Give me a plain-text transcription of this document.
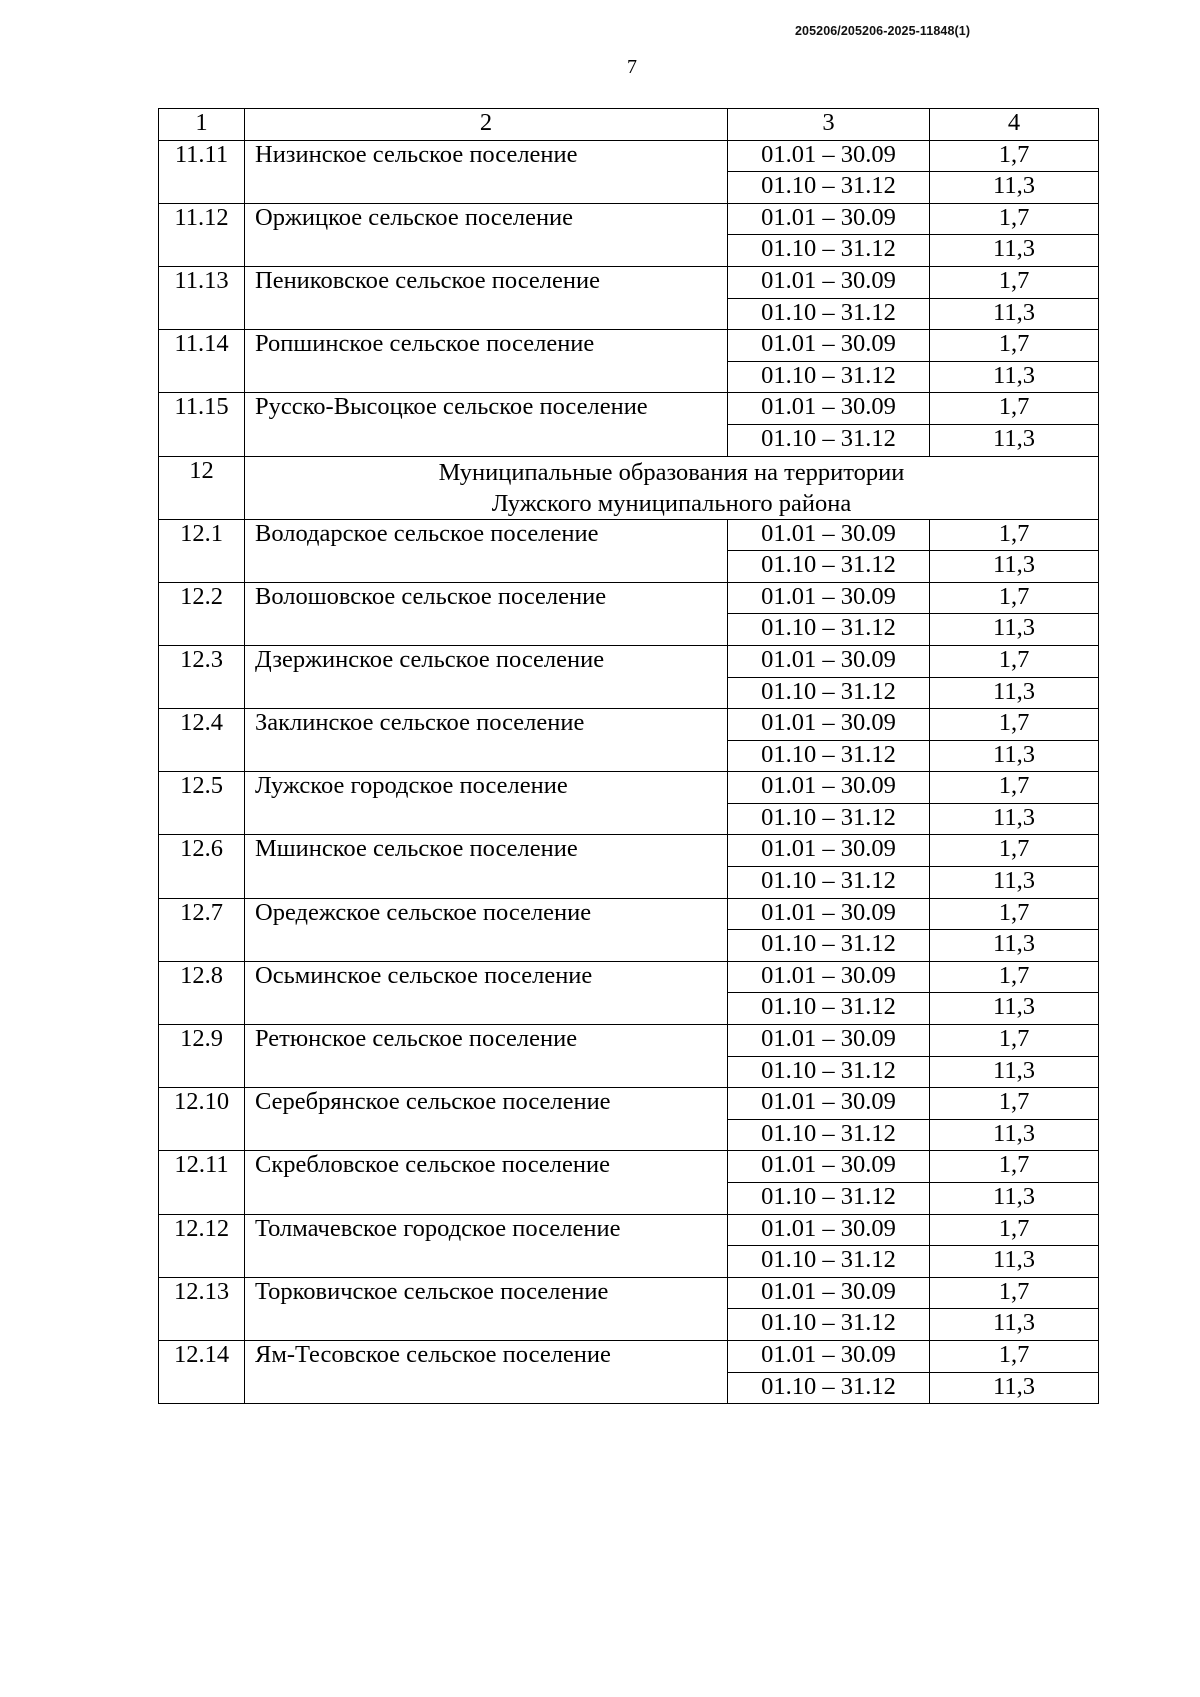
205206/205206-2025-11848(1)
7
1	2	3	4
11.11	Низинское сельское поселение	01.01 – 30.09	1,7
		01.10 – 31.12	11,3
11.12	Оржицкое сельское поселение	01.01 – 30.09	1,7
		01.10 – 31.12	11,3
11.13	Пениковское сельское поселение	01.01 – 30.09	1,7
		01.10 – 31.12	11,3
11.14	Ропшинское сельское поселение	01.01 – 30.09	1,7
		01.10 – 31.12	11,3
11.15	Русско-Высоцкое сельское поселение	01.01 – 30.09	1,7
		01.10 – 31.12	11,3
12	Муниципальные образования на территории
Лужского муниципального района		

12.1	Володарское сельское поселение	01.01 – 30.09	1,7
		01.10 – 31.12	11,3
12.2	Волошовское сельское поселение	01.01 – 30.09	1,7
		01.10 – 31.12	11,3
12.3	Дзержинское сельское поселение	01.01 – 30.09	1,7
		01.10 – 31.12	11,3
12.4	Заклинское сельское поселение	01.01 – 30.09	1,7
		01.10 – 31.12	11,3
12.5	Лужское городское поселение	01.01 – 30.09	1,7
		01.10 – 31.12	11,3
12.6	Мшинское сельское поселение	01.01 – 30.09	1,7
		01.10 – 31.12	11,3
12.7	Оредежское сельское поселение	01.01 – 30.09	1,7
		01.10 – 31.12	11,3
12.8	Осьминское сельское поселение	01.01 – 30.09	1,7
		01.10 – 31.12	11,3
12.9	Ретюнское сельское поселение	01.01 – 30.09	1,7
		01.10 – 31.12	11,3
12.10	Серебрянское сельское поселение	01.01 – 30.09	1,7
		01.10 – 31.12	11,3
12.11	Скребловское сельское поселение	01.01 – 30.09	1,7
		01.10 – 31.12	11,3
12.12	Толмачевское городское поселение	01.01 – 30.09	1,7
		01.10 – 31.12	11,3
12.13	Торковичское сельское поселение	01.01 – 30.09	1,7
		01.10 – 31.12	11,3
12.14	Ям-Тесовское сельское поселение	01.01 – 30.09	1,7
		01.10 – 31.12	11,3
